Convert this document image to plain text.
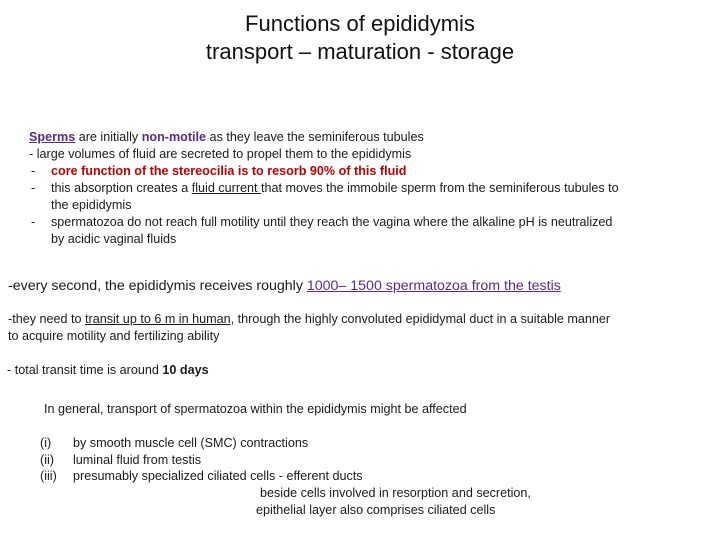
Functions of epididymis
transport – maturation - storage
Sperms are initially non-motile as they leave the seminiferous tubules
- large volumes of fluid are secreted to propel them to the epididymis
- core function of the stereocilia is to resorb 90% of this fluid
- this absorption creates a fluid current that moves the immobile sperm from the seminiferous tubules to
the epididymis
- spermatozoa do not reach full motility until they reach the vagina where the alkaline pH is neutralized
by acidic vaginal fluids
-every second, the epididymis receives roughly 1000– 1500 spermatozoa from the testis
-they need to transit up to 6 m in human, through the highly convoluted epididymal duct in a suitable manner
to acquire motility and fertilizing ability
- total transit time is around 10 days
In general, transport of spermatozoa within the epididymis might be affected
(i) by smooth muscle cell (SMC) contractions
(ii) luminal fluid from testis
(iii) presumably specialized ciliated cells - efferent ducts
beside cells involved in resorption and secretion,
epithelial layer also comprises ciliated cells
